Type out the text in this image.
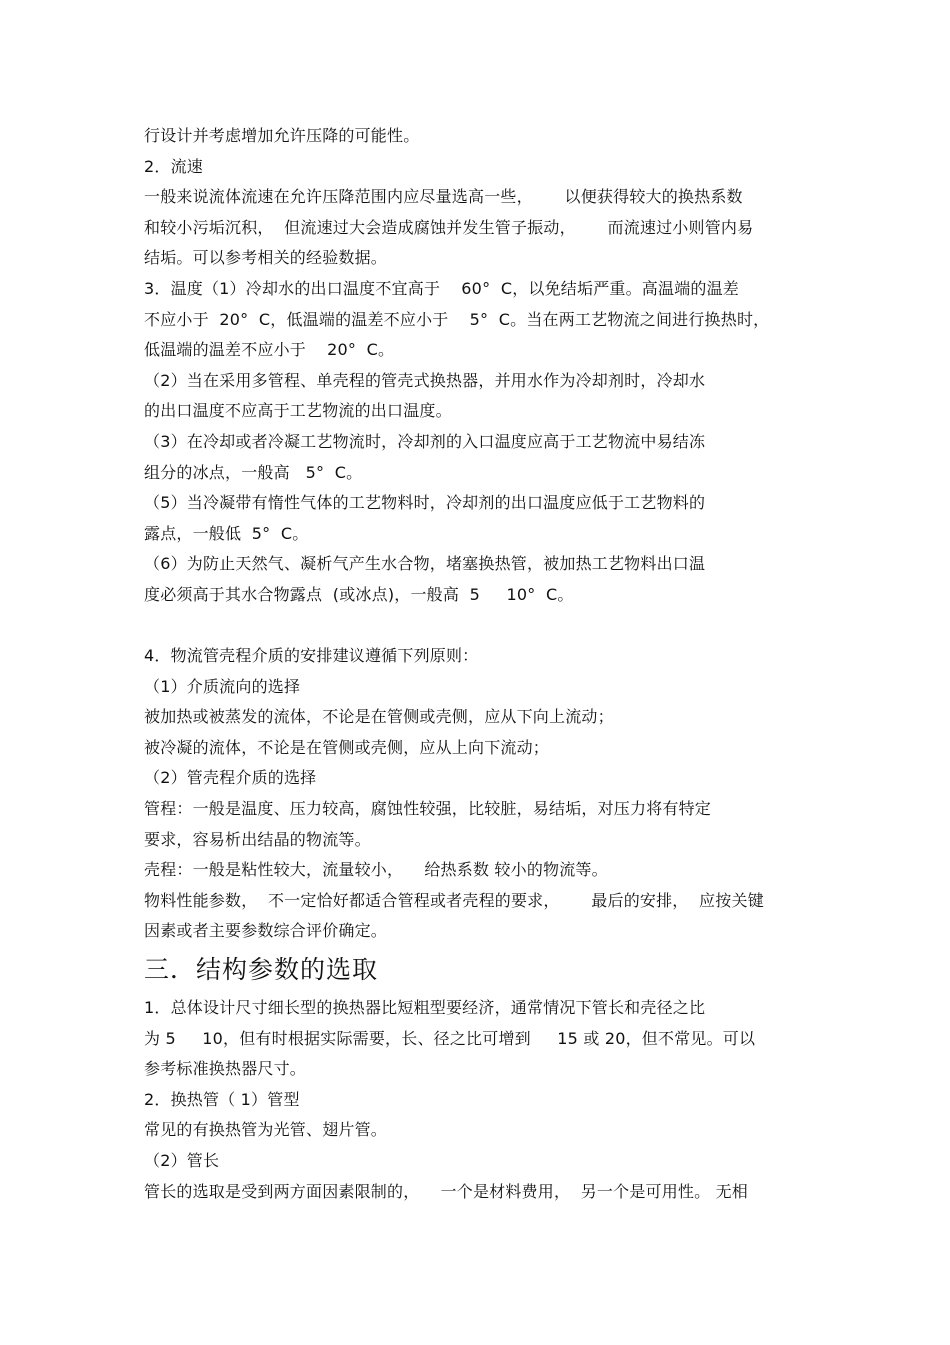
行设计并考虑增加允许压降的可能性。
2．流速
一般来说流体流速在允许压降范围内应尽量选高一些，      以便获得较大的换热系数
和较小污垢沉积，  但流速过大会造成腐蚀并发生管子振动，      而流速过小则管内易
结垢。可以参考相关的经验数据。
3．温度（1）冷却水的出口温度不宜高于    60°  C，以免结垢严重。高温端的温差
不应小于  20°  C，低温端的温差不应小于    5°  C。当在两工艺物流之间进行换热时，
低温端的温差不应小于    20°  C。
（2）当在采用多管程、单壳程的管壳式换热器，并用水作为冷却剂时，冷却水
的出口温度不应高于工艺物流的出口温度。
（3）在冷却或者冷凝工艺物流时，冷却剂的入口温度应高于工艺物流中易结冻
组分的冰点，一般高   5°  C。
（5）当冷凝带有惰性气体的工艺物料时，冷却剂的出口温度应低于工艺物料的
露点，一般低  5°  C。
（6）为防止天然气、凝析气产生水合物，堵塞换热管，被加热工艺物料出口温
度必须高于其水合物露点  (或冰点)，一般高  5     10°  C。
4．物流管壳程介质的安排建议遵循下列原则：
（1）介质流向的选择
被加热或被蒸发的流体，不论是在管侧或壳侧，应从下向上流动；
被冷凝的流体，不论是在管侧或壳侧，应从上向下流动；
（2）管壳程介质的选择
管程：一般是温度、压力较高，腐蚀性较强，比较脏，易结垢，对压力将有特定
要求，容易析出结晶的物流等。
壳程：一般是粘性较大，流量较小，    给热系数 较小的物流等。
物料性能参数，  不一定恰好都适合管程或者壳程的要求，      最后的安排，  应按关键
因素或者主要参数综合评价确定。
三．结构参数的选取
1．总体设计尺寸细长型的换热器比短粗型要经济，通常情况下管长和壳径之比
为 5     10，但有时根据实际需要，长、径之比可增到     15 或 20，但不常见。可以
参考标准换热器尺寸。
2．换热管（ 1）管型
常见的有换热管为光管、翅片管。
（2）管长
管长的选取是受到两方面因素限制的，    一个是材料费用，  另一个是可用性。 无相
